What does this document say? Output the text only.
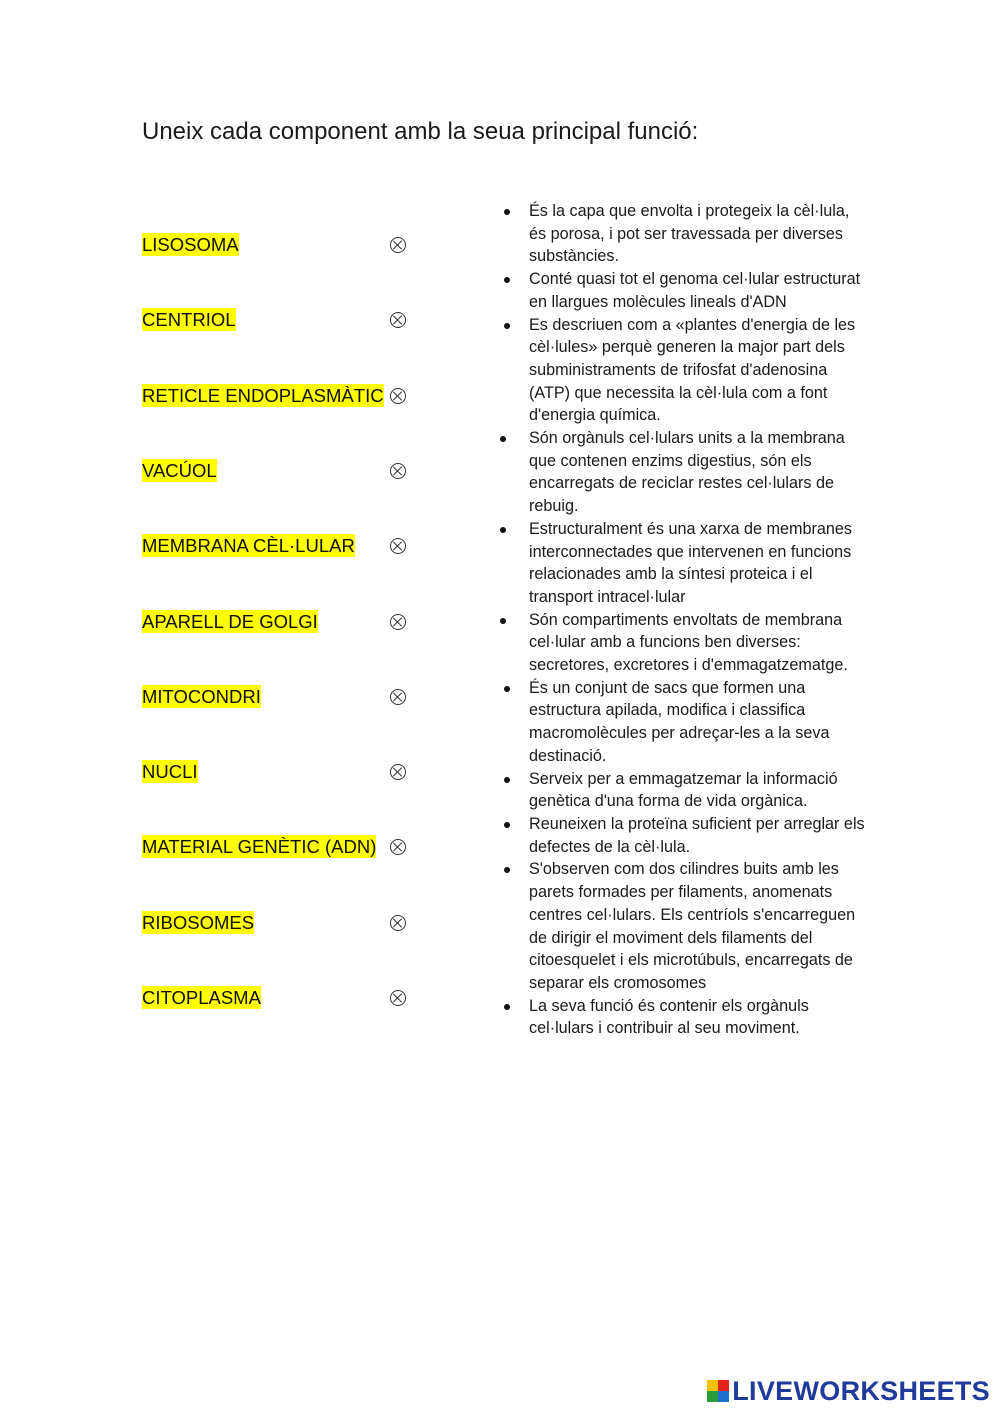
Uneix cada component amb la seua principal funció:
LISOSOMA
CENTRIOL
RETICLE ENDOPLASMÀTIC
VACÚOL
MEMBRANA CÈL·LULAR
APARELL DE GOLGI
MITOCONDRI
NUCLI
MATERIAL GENÈTIC (ADN)
RIBOSOMES
CITOPLASMA
És la capa que envolta i protegeix la cèl·lula, és porosa, i pot ser travessada per diverses substàncies.
Conté quasi tot el genoma cel·lular estructurat en llargues molècules lineals d'ADN
Es descriuen com a «plantes d'energia de les cèl·lules» perquè generen la major part dels subministraments de trifosfat d'adenosina (ATP) que necessita la cèl·lula com a font d'energia química.
Són orgànuls cel·lulars units a la membrana que contenen enzims digestius, són els encarregats de reciclar restes cel·lulars de rebuig.
Estructuralment és una xarxa de membranes interconnectades que intervenen en funcions relacionades amb la síntesi proteica i el transport intracel·lular
Són compartiments envoltats de membrana cel·lular amb a funcions ben diverses: secretores, excretores i d'emmagatzematge.
És un conjunt de sacs que formen una estructura apilada, modifica i classifica macromolècules per adreçar-les a la seva destinació.
Serveix per a emmagatzemar la informació genètica d'una forma de vida orgànica.
Reuneixen la proteïna suficient per arreglar els defectes de la cèl·lula.
S'observen com dos cilindres buits amb les parets formades per filaments, anomenats centres cel·lulars. Els centríols s'encarreguen de dirigir el moviment dels filaments del citoesquelet i els microtúbuls, encarregats de separar els cromosomes
La seva funció és contenir els orgànuls cel·lulars i contribuir al seu moviment.
LIVEWORKSHEETS
